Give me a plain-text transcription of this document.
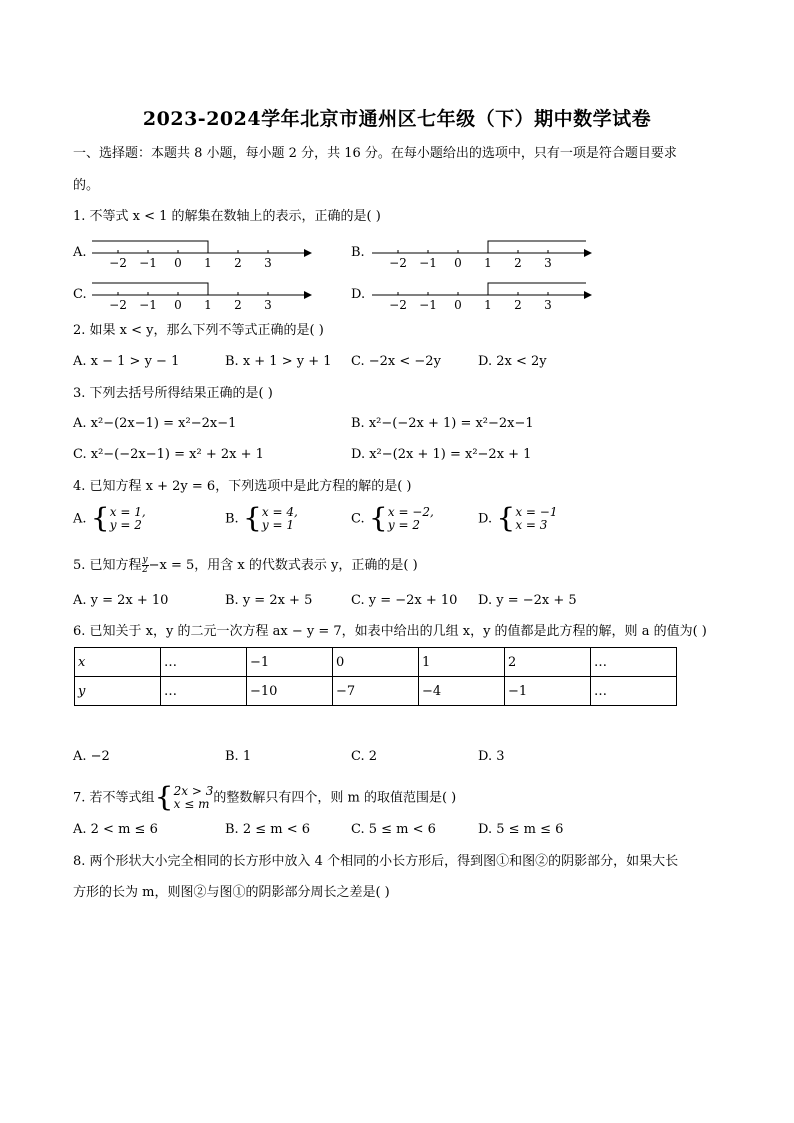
2023-2024学年北京市通州区七年级（下）期中数学试卷
一、选择题：本题共 8 小题，每小题 2 分，共 16 分。在每小题给出的选项中，只有一项是符合题目要求
的。
1. 不等式 x < 1 的解集在数轴上的表示，正确的是( )
A.	B.
C.	D.
−2 −1 0 1 2 3	−2 −1 0 1 2 3
−2 −1 0 1 2 3	−2 −1 0 1 2 3
2. 如果 x < y，那么下列不等式正确的是( )
A. x − 1 > y − 1	B. x + 1 > y + 1 C. −2x < −2y	D. 2x < 2y
3. 下列去括号所得结果正确的是( )
A. x²−(2x−1) = x²−2x−1	B. x²−(−2x + 1) = x²−2x−1
C. x²−(−2x−1) = x² + 2x + 1	D. x²−(2x + 1) = x²−2x + 1
4. 已知方程 x + 2y = 6，下列选项中是此方程的解的是( )
A. { x = 1,
y = 2	B. { x = 4,
y = 1	C. { x = −2,
y = 2	D. { x = −1
x = 3
5. 已知方程 $\frac{y}{2} -x = 5$，用含 x 的代数式表示 y，正确的是( )
A. y = 2x + 10	B. y = 2x + 5	C. y = −2x + 10 D. y = −2x + 5
6. 已知关于 x，y 的二元一次方程 ax − y = 7，如表中给出的几组 x，y 的值都是此方程的解，则 a 的值为( )
x	…	−1	0	1	2	…
y	…	−10	−7	−4	−1	…
A. −2	B. 1	C. 2	D. 3
7. 若不等式组{ 2x > 3
x ≤ m 的整数解只有四个，则 m 的取值范围是( )
A. 2 < m ≤ 6	B. 2 ≤ m < 6	C. 5 ≤ m < 6	D. 5 ≤ m ≤ 6
8. 两个形状大小完全相同的长方形中放入 4 个相同的小长方形后，得到图①和图②的阴影部分，如果大长
方形的长为 m，则图②与图①的阴影部分周长之差是( )
